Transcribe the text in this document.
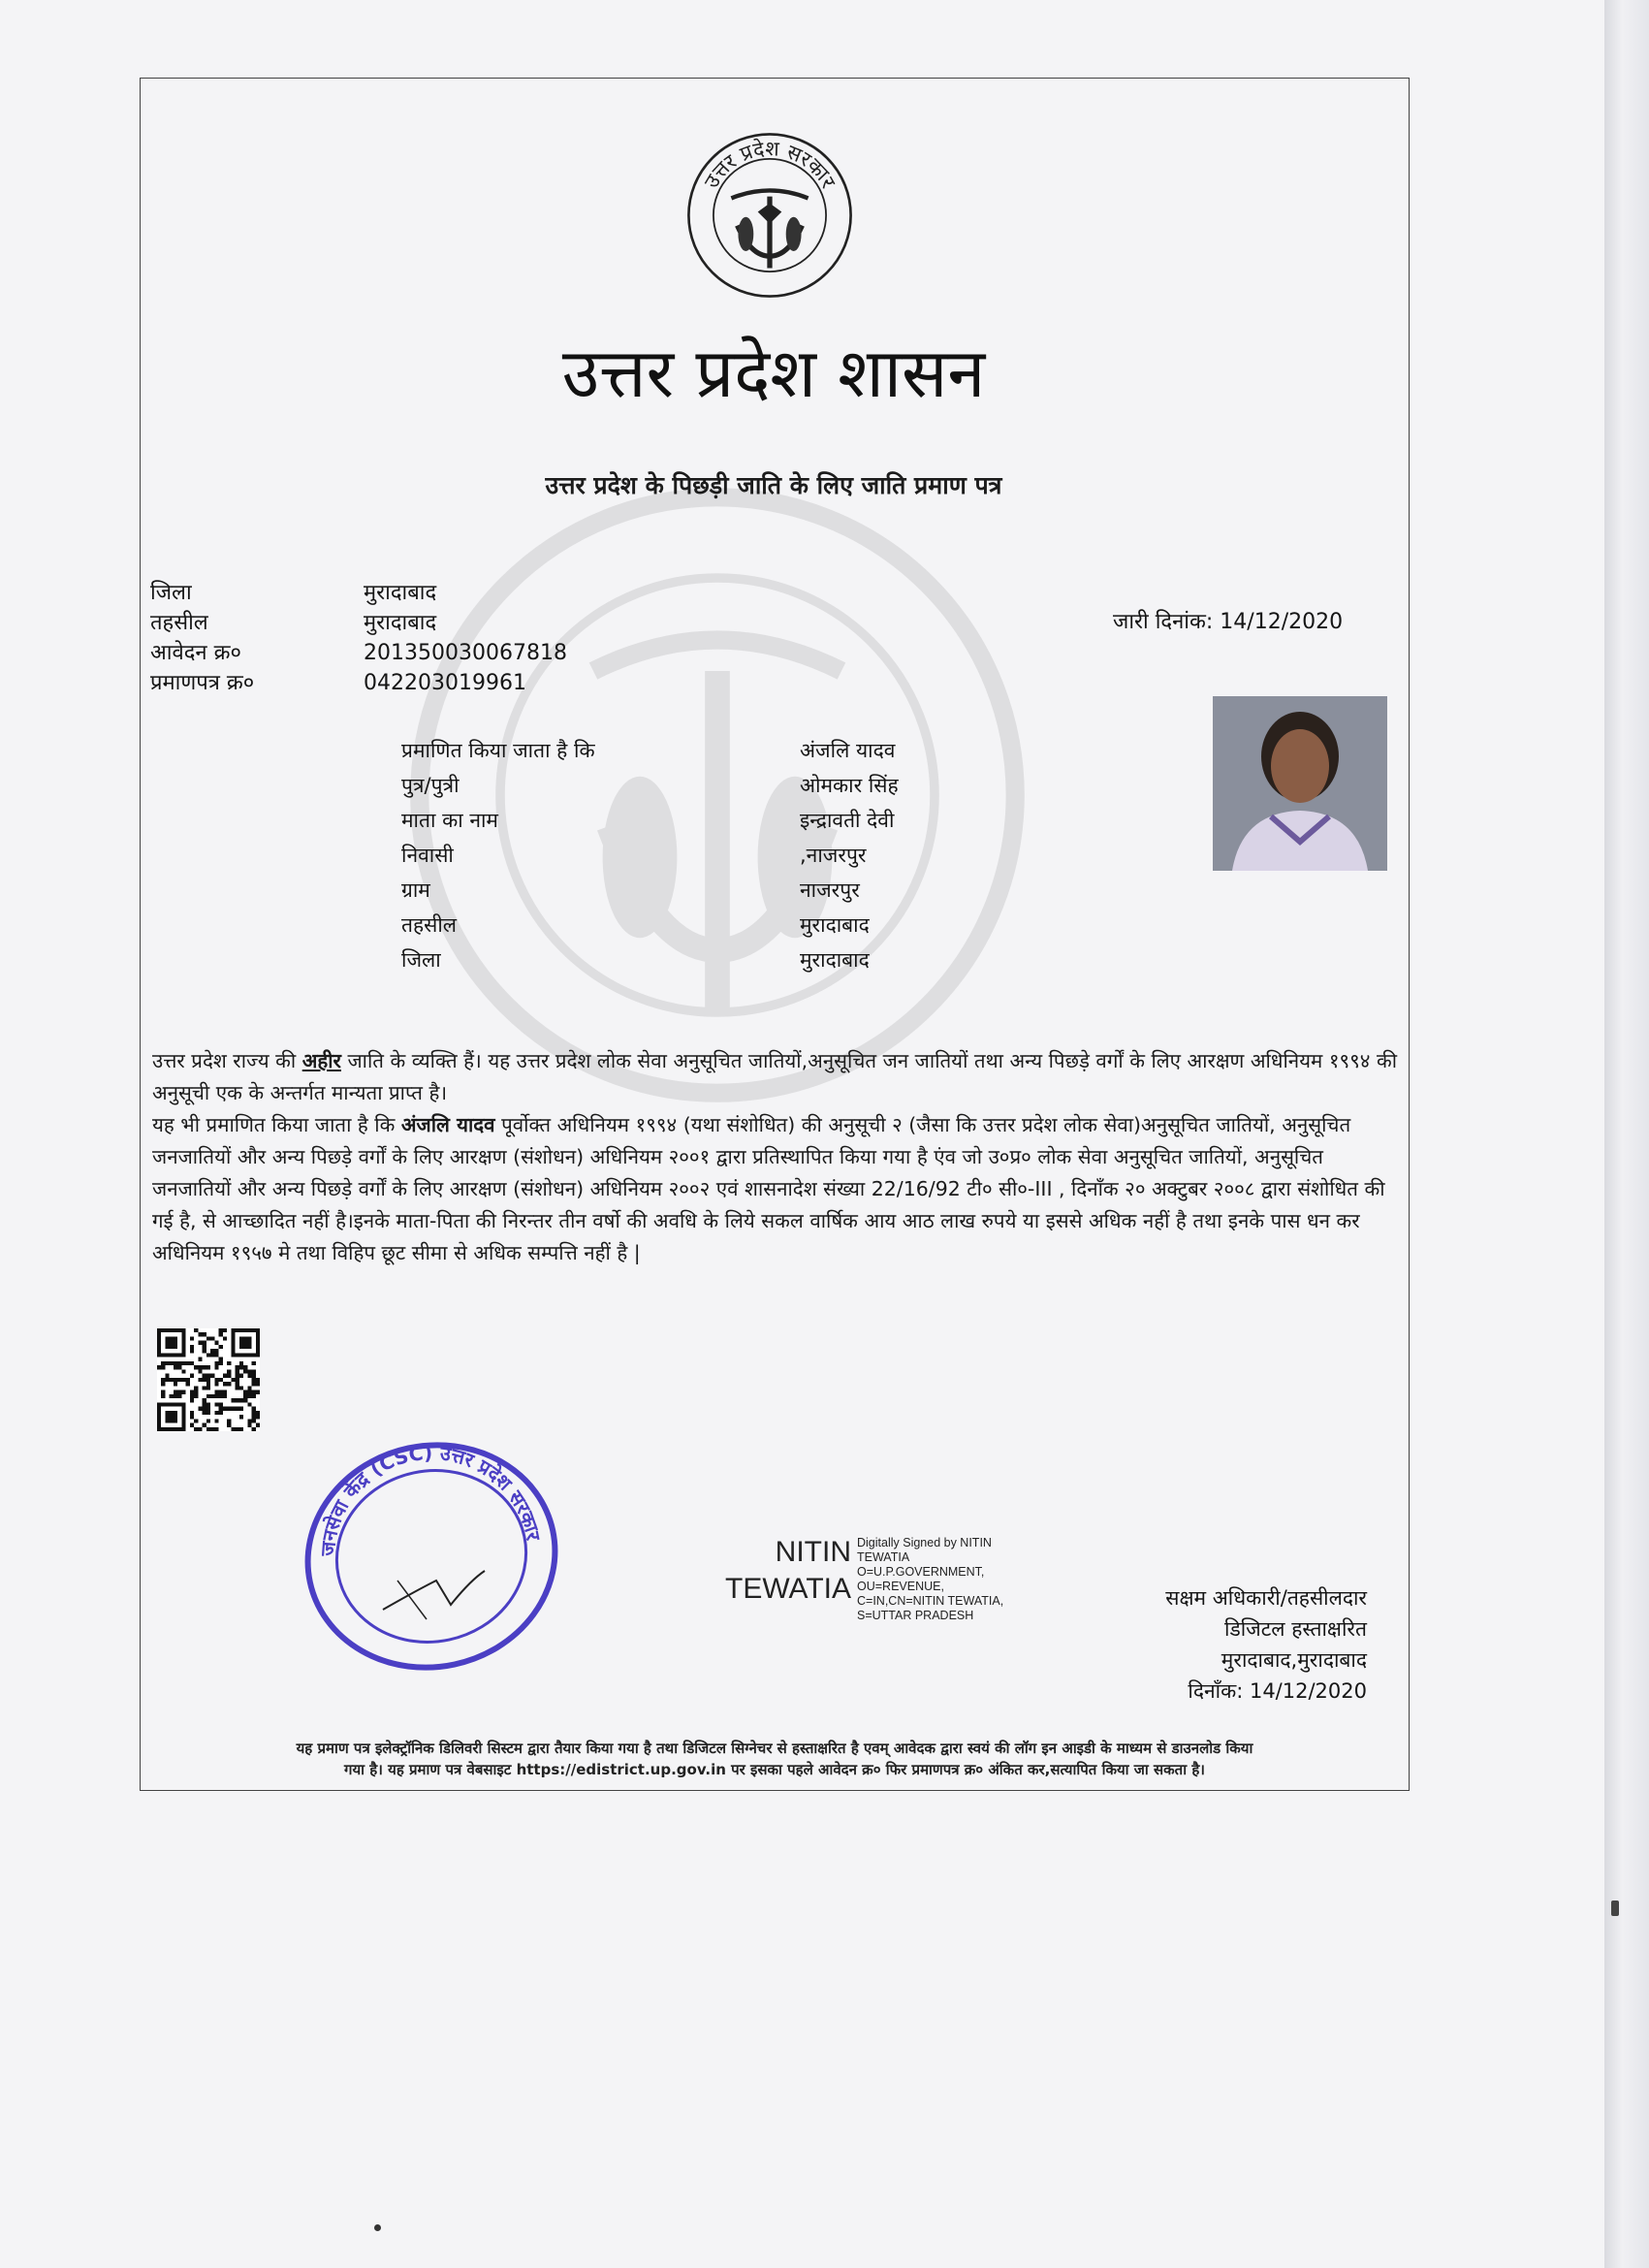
उत्तर प्रदेश सरकार
उत्तर प्रदेश शासन
उत्तर प्रदेश के पिछड़ी जाति के लिए जाति प्रमाण पत्र
जिला	मुरादाबाद
तहसील	मुरादाबाद
आवेदन क्र०	201350030067818
प्रमाणपत्र क्र०	042203019961
जारी दिनांक: 14/12/2020
प्रमाणित किया जाता है कि	अंजलि यादव
पुत्र/पुत्री	ओमकार सिंह
माता का नाम	इन्द्रावती देवी
निवासी	,नाजरपुर
ग्राम	नाजरपुर
तहसील	मुरादाबाद
जिला	मुरादाबाद

उत्तर प्रदेश राज्य की अहीर जाति के व्यक्ति हैं। यह उत्तर प्रदेश लोक सेवा अनुसूचित जातियों,अनुसूचित जन जातियों तथा अन्य पिछड़े वर्गों के लिए आरक्षण अधिनियम १९९४ की अनुसूची एक के अन्तर्गत मान्यता प्राप्त है।

यह भी प्रमाणित किया जाता है कि अंजलि यादव पूर्वोक्त अधिनियम १९९४ (यथा संशोधित) की अनुसूची २ (जैसा कि उत्तर प्रदेश लोक सेवा)अनुसूचित जातियों, अनुसूचित जनजातियों और अन्य पिछड़े वर्गों के लिए आरक्षण (संशोधन) अधिनियम २००१ द्वारा प्रतिस्थापित किया गया है एंव जो उ०प्र० लोक सेवा अनुसूचित जातियों, अनुसूचित जनजातियों और अन्य पिछड़े वर्गों के लिए आरक्षण (संशोधन) अधिनियम २००२ एवं शासनादेश संख्या 22/16/92 टी० सी०-III , दिनाँक २० अक्टुबर २००८ द्वारा संशोधित की गई है, से आच्छादित नहीं है।इनके माता-पिता की निरन्तर तीन वर्षो की अवधि के लिये सकल वार्षिक आय आठ लाख रुपये या इससे अधिक नहीं है तथा इनके पास धन कर अधिनियम १९५७ मे तथा विहिप छूट सीमा से अधिक सम्पत्ति नहीं है |

जनसेवा केंद्र (CSC) उत्तर प्रदेश सरकार	NITIN
TEWATIA
Digitally Signed by NITIN
TEWATIA
O=U.P.GOVERNMENT,
OU=REVENUE,
C=IN,CN=NITIN TEWATIA,
S=UTTAR PRADESH
सक्षम अधिकारी/तहसीलदार
डिजिटल हस्ताक्षरित
मुरादाबाद,मुरादाबाद
दिनाँक: 14/12/2020
यह प्रमाण पत्र इलेक्ट्रॉनिक डिलिवरी सिस्टम द्वारा तैयार किया गया है तथा डिजिटल सिग्नेचर से हस्ताक्षरित है एवम् आवेदक द्वारा स्वयं की लॉग इन आइडी के माध्यम से डाउनलोड किया
गया है। यह प्रमाण पत्र वेबसाइट https://edistrict.up.gov.in पर इसका पहले आवेदन क्र० फिर प्रमाणपत्र क्र० अंकित कर,सत्यापित किया जा सकता है।
